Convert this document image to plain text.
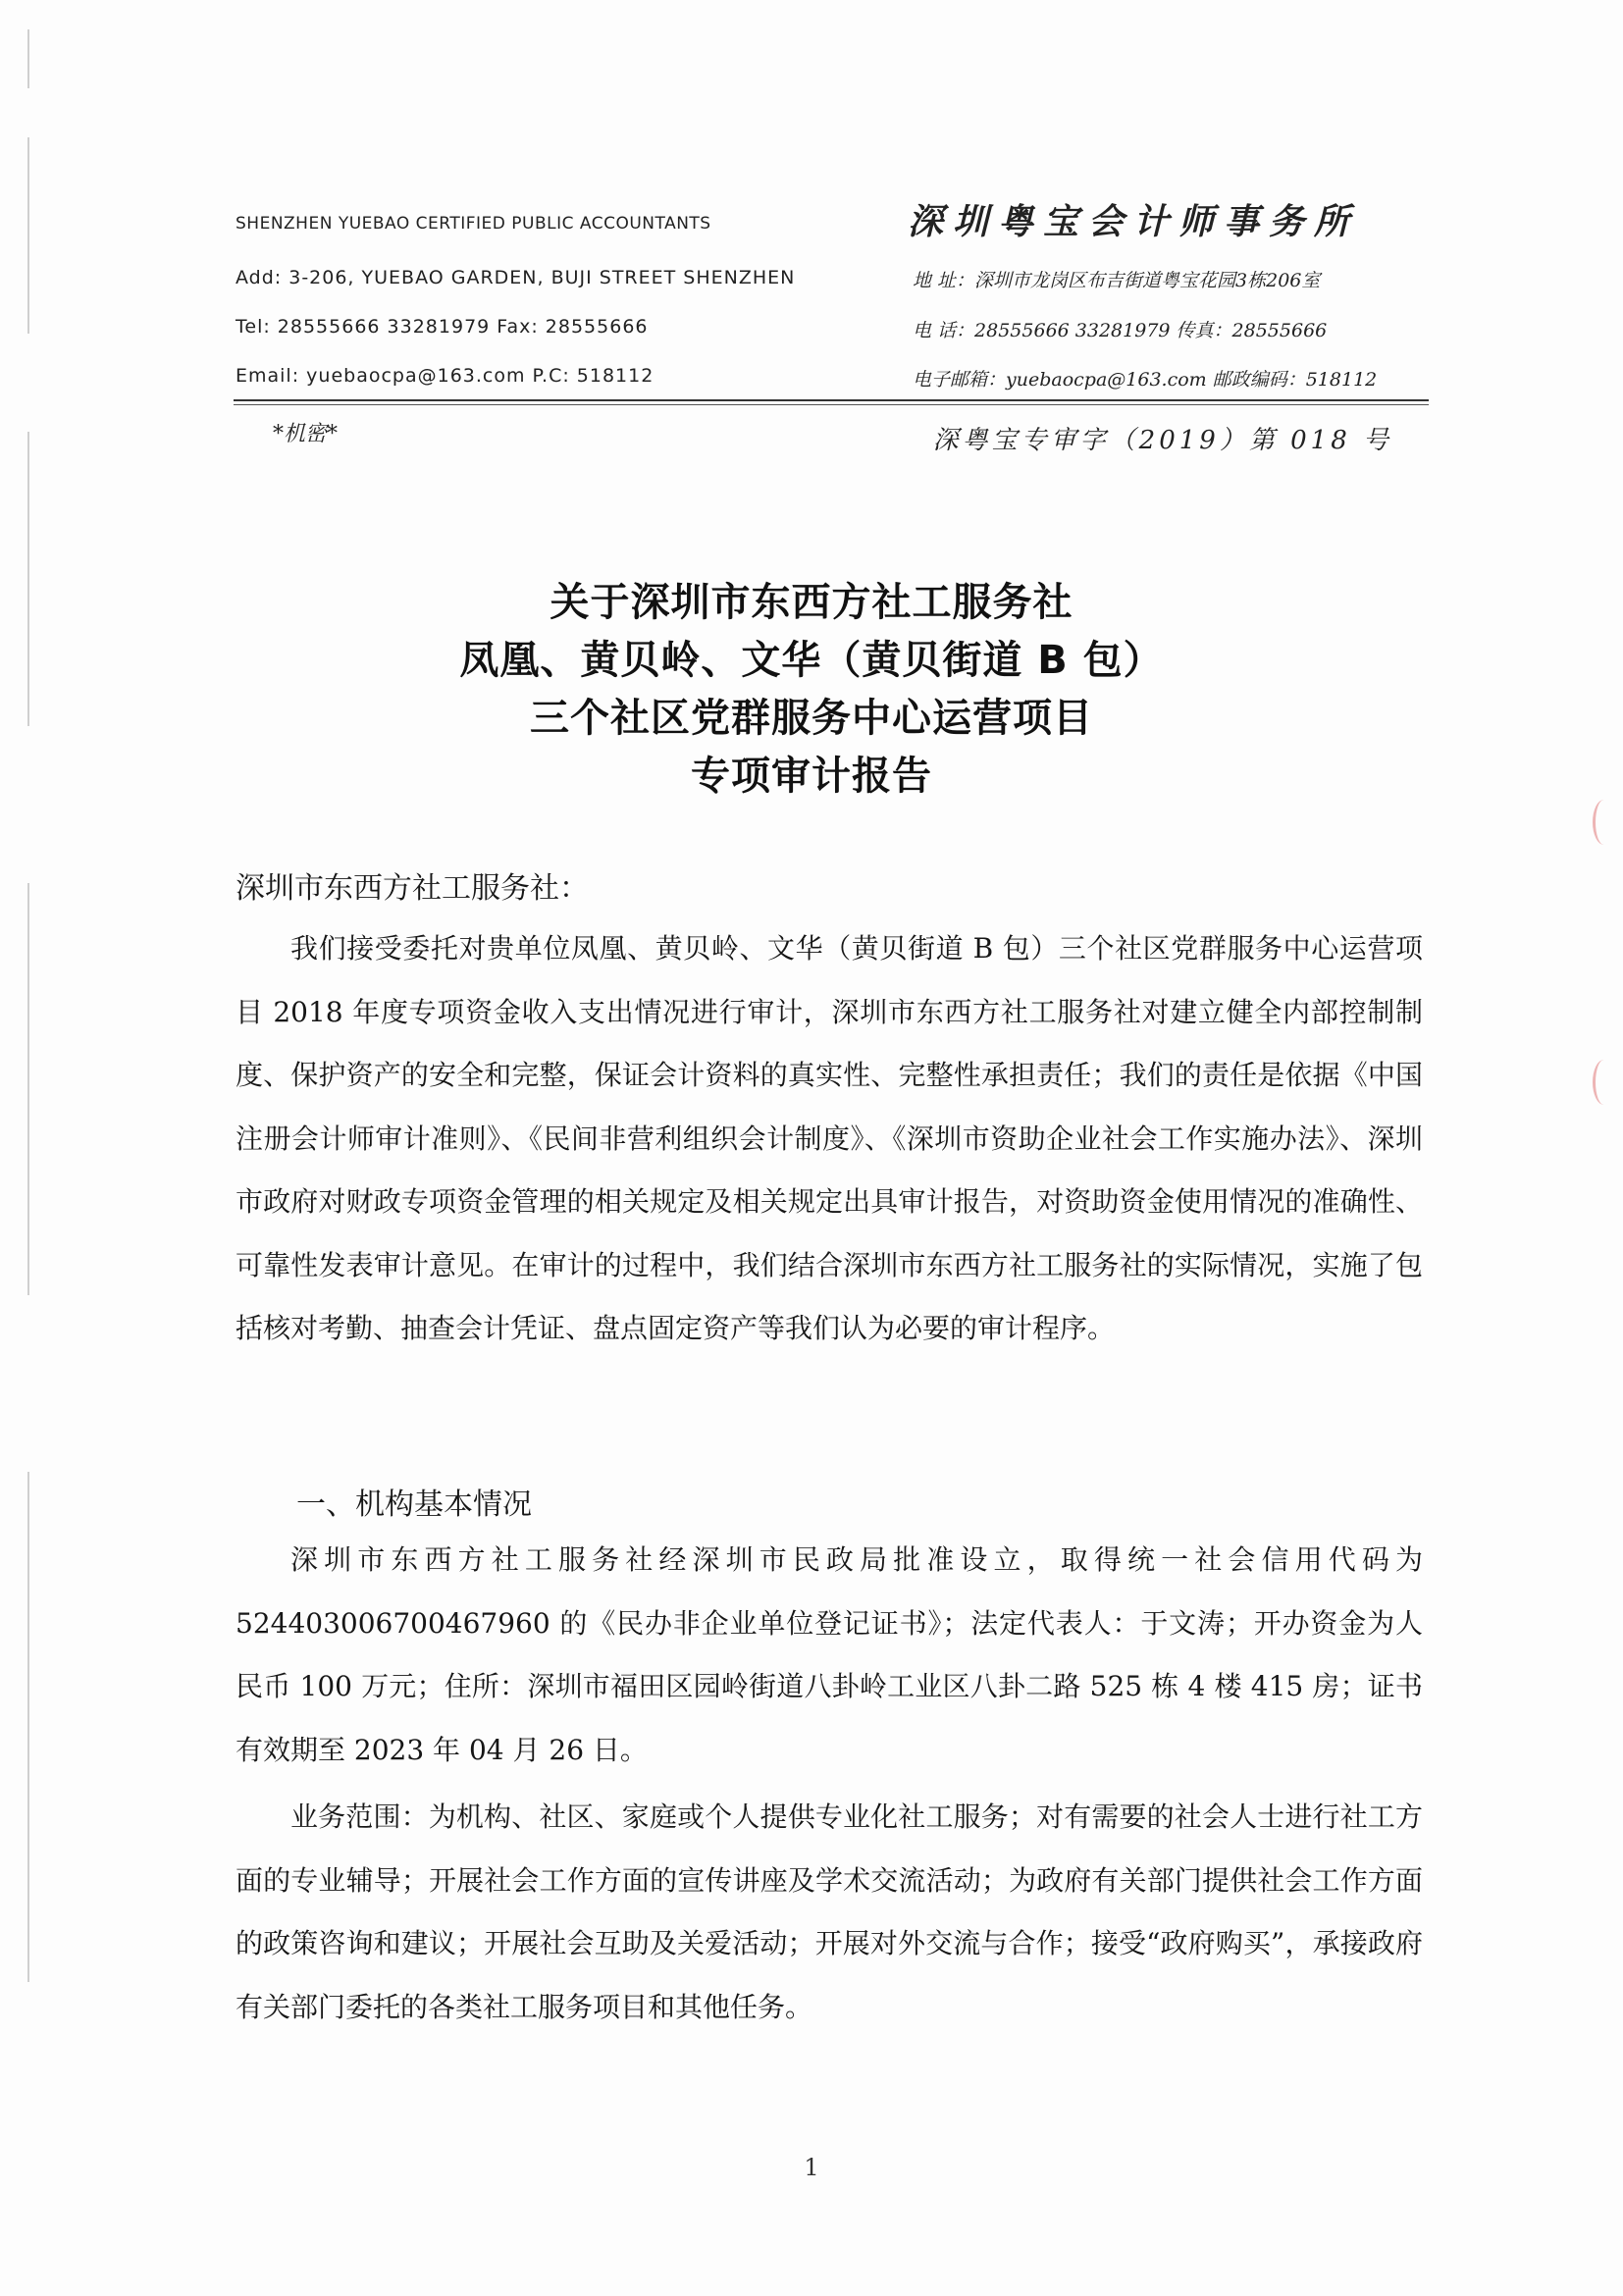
SHENZHEN YUEBAO CERTIFIED PUBLIC ACCOUNTANTS	深圳粤宝会计师事务所
Add: 3-206, YUEBAO GARDEN, BUJI STREET SHENZHEN	地 址：深圳市龙岗区布吉街道粤宝花园3栋206室
Tel: 28555666 33281979 Fax: 28555666	电 话：28555666 33281979 传真：28555666
Email: yuebaocpa@163.com P.C: 518112	电子邮箱：yuebaocpa@163.com 邮政编码：518112
*机密*	深粤宝专审字（2019）第 018 号
关于深圳市东西方社工服务社
凤凰、黄贝岭、文华（黄贝街道 B 包）
三个社区党群服务中心运营项目
专项审计报告
深圳市东西方社工服务社：

我们接受委托对贵单位凤凰、黄贝岭、文华（黄贝街道 B 包）三个社区党群服务中心运营项目 2018 年度专项资金收入支出情况进行审计，深圳市东西方社工服务社对建立健全内部控制制度、保护资产的安全和完整，保证会计资料的真实性、完整性承担责任；我们的责任是依据《中国注册会计师审计准则》、《民间非营利组织会计制度》、《深圳市资助企业社会工作实施办法》、深圳市政府对财政专项资金管理的相关规定及相关规定出具审计报告，对资助资金使用情况的准确性、可靠性发表审计意见。在审计的过程中，我们结合深圳市东西方社工服务社的实际情况，实施了包括核对考勤、抽查会计凭证、盘点固定资产等我们认为必要的审计程序。

一、机构基本情况

深圳市东西方社工服务社经深圳市民政局批准设立，取得统一社会信用代码为 524403006700467960 的《民办非企业单位登记证书》；法定代表人：于文涛；开办资金为人民币 100 万元；住所：深圳市福田区园岭街道八卦岭工业区八卦二路 525 栋 4 楼 415 房；证书有效期至 2023 年 04 月 26 日。

业务范围：为机构、社区、家庭或个人提供专业化社工服务；对有需要的社会人士进行社工方面的专业辅导；开展社会工作方面的宣传讲座及学术交流活动；为政府有关部门提供社会工作方面的政策咨询和建议；开展社会互助及关爱活动；开展对外交流与合作；接受“政府购买”，承接政府有关部门委托的各类社工服务项目和其他任务。

1
